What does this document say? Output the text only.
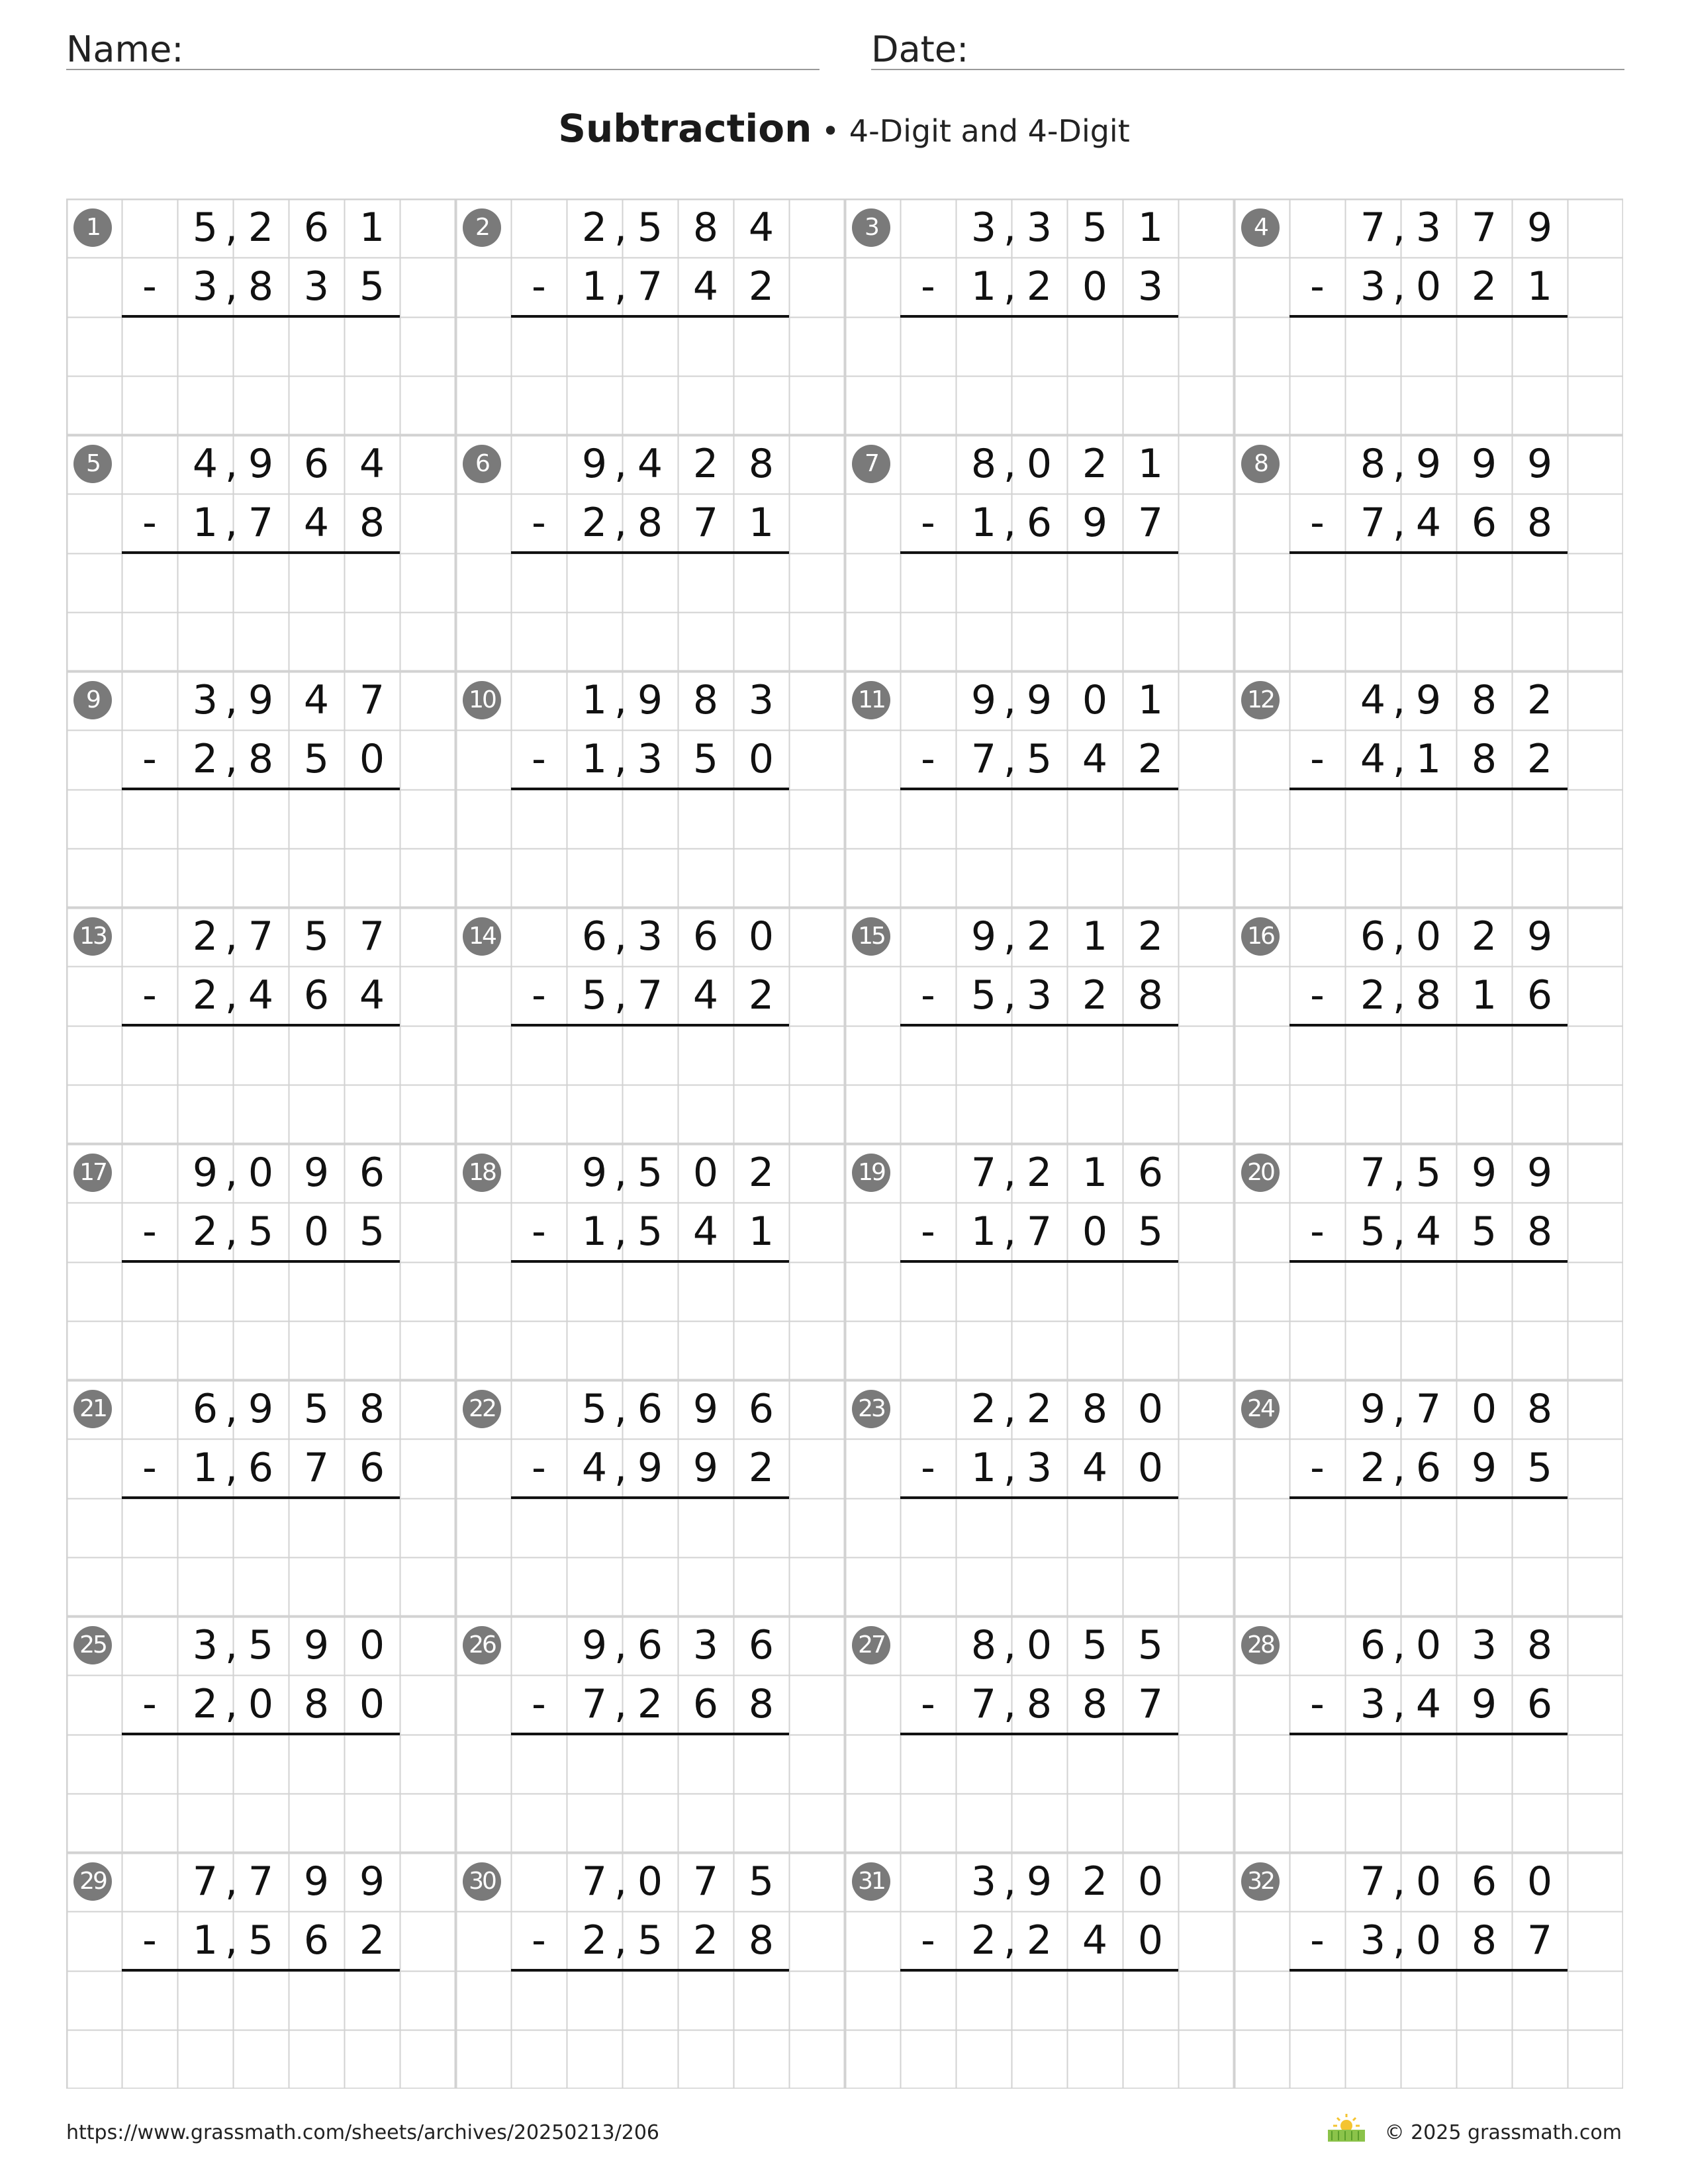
Name:	Date:
Subtraction • 4-Digit and 4-Digit
1	5 2 6 1
,
3 8 3 5
,
-
2	2 5 8 4
,
1 7 4 2
,
-
3	3 3 5 1
,
1 2 0 3
,
-
4	7 3 7 9
,
3 0 2 1
,
-
5	4 9 6 4
,
1 7 4 8
,
-
6	9 4 2 8
,
2 8 7 1
,
-
7	8 0 2 1
,
1 6 9 7
,
-
8	8 9 9 9
,
7 4 6 8
,
-
9	3 9 4 7
,
2 8 5 0
,
-
10	1 9 8 3
,
1 3 5 0
,
-
11	9 9 0 1
,
7 5 4 2
,
-
12	4 9 8 2
,
4 1 8 2
,
-
13	2 7 5 7
,
2 4 6 4
,
-
14	6 3 6 0
,
5 7 4 2
,
-
15	9 2 1 2
,
5 3 2 8
,
-
16	6 0 2 9
,
2 8 1 6
,
-
17	9 0 9 6
,
2 5 0 5
,
-
18	9 5 0 2
,
1 5 4 1
,
-
19	7 2 1 6
,
1 7 0 5
,
-
20	7 5 9 9
,
5 4 5 8
,
-
21	6 9 5 8
,
1 6 7 6
,
-
22	5 6 9 6
,
4 9 9 2
,
-
23	2 2 8 0
,
1 3 4 0
,
-
24	9 7 0 8
,
2 6 9 5
,
-
25	3 5 9 0
,
2 0 8 0
,
-
26	9 6 3 6
,
7 2 6 8
,
-
27	8 0 5 5
,
7 8 8 7
,
-
28	6 0 3 8
,
3 4 9 6
,
-
29	7 7 9 9
,
1 5 6 2
,
-
30	7 0 7 5
,
2 5 2 8
,
-
31	3 9 2 0
,
2 2 4 0
,
-
32	7 0 6 0
,
3 0 8 7
,
-
https://www.grassmath.com/sheets/archives/20250213/206	© 2025 grassmath.com
